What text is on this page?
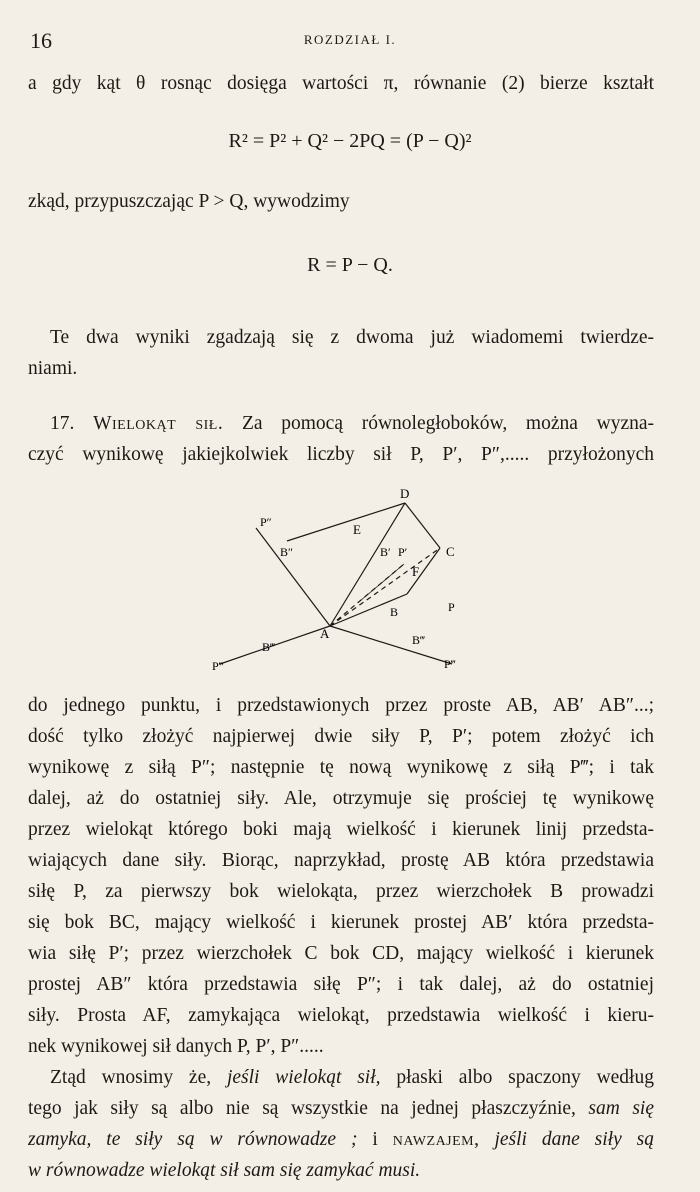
16	ROZDZIAŁ I.
a gdy kąt θ rosnąc dosięga wartości π, równanie (2) bierze kształt
R² = P² + Q² − 2PQ = (P − Q)²
zkąd, przypuszczając P > Q, wywodzimy
R = P − Q.
Te dwa wyniki zgadzają się z dwoma już wiadomemi twierdze-
niami.
17. Wielokąt sił. Za pomocą równoległoboków, można wyzna-
czyć wynikowę jakiejkolwiek liczby sił P, P′, P″,..... przyłożonych
D
C
P′
E
B′
F
P″
B″
B	P
A
B‴
P‴
B‴
P‴
do jednego punktu, i przedstawionych przez proste AB, AB′ AB″...;
dość tylko złożyć najpierwej dwie siły P, P′; potem złożyć ich
wynikowę z siłą P″; następnie tę nową wynikowę z siłą P‴; i tak
dalej, aż do ostatniej siły. Ale, otrzymuje się prościej tę wynikowę
przez wielokąt którego boki mają wielkość i kierunek linij przedsta-
wiających dane siły. Biorąc, naprzykład, prostę AB która przedstawia
siłę P, za pierwszy bok wielokąta, przez wierzchołek B prowadzi
się bok BC, mający wielkość i kierunek prostej AB′ która przedsta-
wia siłę P′; przez wierzchołek C bok CD, mający wielkość i kierunek
prostej AB″ która przedstawia siłę P″; i tak dalej, aż do ostatniej
siły. Prosta AF, zamykająca wielokąt, przedstawia wielkość i kieru-
nek wynikowej sił danych P, P′, P″.....
Ztąd wnosimy że, jeśli wielokąt sił, płaski albo spaczony według
tego jak siły są albo nie są wszystkie na jednej płaszczyźnie, sam się
zamyka, te siły są w równowadze ; i nawzajem, jeśli dane siły są
w równowadze wielokąt sił sam się zamykać musi.
